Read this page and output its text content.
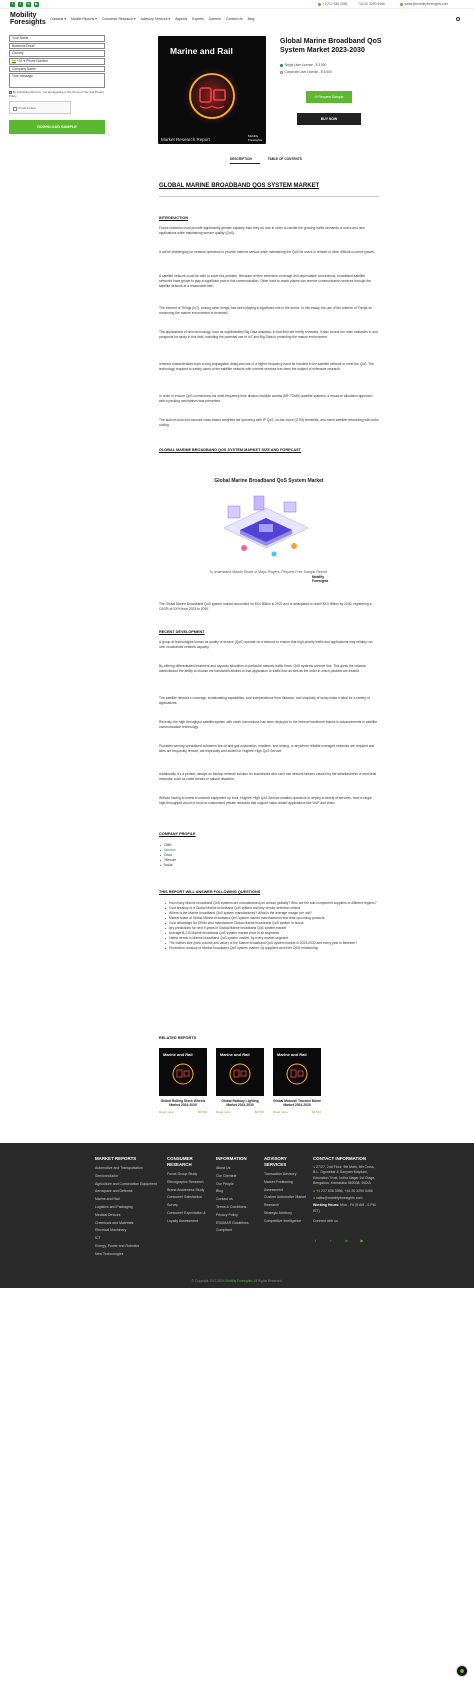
f	t	in	▶	+1 217 636 3356	+44 20 3290 6466	sales@mobilityforesights.com
Mobility
Foresights Contacts ▾ Market Reports ▾ Consumer Research ▾ Advisory Services ▾ Aspects Experts Careers Contact Us Blog
Your Name
Business Email
Country
+91 ▾ Phone Number
Company Name
Your message
By submitting this form, you are agreeing to the Terms of Use and Privacy Policy.
I'm not a robot
DOWNLOAD SAMPLE
Marine and Rail
Market Research Report
Mobility
Foresights
Global Marine Broadband QoS System Market 2023-2030
Single User License - $ 3,500
Corporate User License - $ 6,500
✉ Request Sample
BUY NOW
DESCRIPTION	TABLE OF CONTENTS
GLOBAL MARINE BROADBAND QOS SYSTEM MARKET
INTRODUCTION
Future networks must provide significantly greater capacity than they do now in order to handle the growing traffic demands of users and new applications while maintaining service quality (QoS).
It will be challenging for network operators to provide Internet service while maintaining the QoS for users in remote or other difficult-to-serve places.
A satellite network could be able to solve this problem. Because of their extensive coverage and dependable connections, broadband satellite networks have grown to play a significant part in this communication. Other hard-to-reach places can receive communication services through the satellite network at a reasonable rate.
The Internet of Things (IoT), among other things, has been playing a significant role in the sector. In this essay, the use of the Internet of Things for monitoring the marine environment is reviewed.
The applications of new technology, such as sophisticated Big Data analytics, in that field are briefly reviewed. It also covers the main obstacles in and prospects for study in this field, including the potential use of IoT and Big Data in protecting the marine environment.
Inherent characteristics such a long propagation delay and use of a higher frequency band be handled in the satellite network to meet the QoS. The technology required to satisfy users of the satellite network with Internet services has been the subject of extensive research.
In order to ensure QoS connections via multi-frequency time division multiple access (MF-TDMA) satellite systems, a resource allocation approach with a packing mechanism was presented.
The authors took into account class-based weighted fair queueing with IP QoS, on-the-move (OTM) terminals, and mesh satellite networking with turbo coding.
GLOBAL MARINE BROADBAND QOS SYSTEM MARKET SIZE AND FORECAST
Global Marine Broadband QoS System Market
To understand Market Share of Major Players, Request Free Sample Report
Mobility
Foresights
The Global Marine Broadband QoS system market accounted for $XX Billion in 2022 and is anticipated to reach $XX Billion by 2030, registering a CAGR of XX% from 2023 to 2030.
RECENT DEVELOPMENT
A group of technologies known as quality of service (QoS) operate on a network to ensure that high-priority traffic and applications may reliably run over constrained network capacity.
By offering differentiated treatment and capacity allocation to particular network traffic flows, QoS systems achieve this. This gives the network administrator the ability to choose the bandwidth allotted to that application or traffic flow as well as the order in which packets are treated.
The satellite network's coverage, broadcasting capabilities, cost independence from distance, and simplicity of setup make it ideal for a variety of applications.
Recently, the high throughput satellite system with mesh connections has been deployed to the Internet backbone thanks to advancements in satellite communication technology.
Providers serving specialised industries like oil and gas exploration, maritime, and mining, or anywhere reliable managed networks are required and sites are frequently remote, are especially well-suited for Hughes' High QoS Service.
Additionally, it's a perfect, always-on backup network solution for businesses who can't risk network failures caused by the steadfastness of terrestrial networks, such as cable breaks or natural disasters.
Without having to invest in network equipment up front, Hughes' High QoS Service enables operators to deploy a variety of services, from a single high-throughput circuit or trunk to customised private networks that support value-added applications like VoIP and video.
COMPANY PROFILE
OMIL
Hondoo
Cisco
Telecom
Nokia
THIS REPORT WILL ANSWER FOLLOWING QUESTIONS
How many Marine broadband QoS systems are manufactured per annum globally? Who are the sub-component suppliers in different regions?
Cost breakup of a Global Marine broadband QoS system and key vendor selection criteria
Where is the Marine broadband QoS system manufactured? What is the average margin per unit?
Market share of Global Marine broadband QoS system market manufacturers and their upcoming products
Cost advantage for OEMs who manufacture Global Marine broadband QoS system in-house
key predictions for next 5 years in Global Marine broadband QoS system market
Average B-2-B Marine broadband QoS system market price in all segments
Latest trends in Marine broadband QoS system market, by every market segment
The market size (both volume and value) of the Marine broadband QoS system market in 2023-2030 and every year in between?
Production breakup of Marine broadband QoS system market, by suppliers and their OEM relationship
RELATED REPORTS
Marine and Rail
Global Rolling Stock Wheels Market 2024-2030
Read more	$3,500
Marine and Rail
Global Railway Lighting Market 2024-2030
Read more	$3,500
Marine and Rail
Global Motorail Traction Motor Market 2024-2030
Read more	$3,500
MARKET REPORTS
Automotive and Transportation
Semiconductor
Agriculture and Construction Equipment
Aerospace and Defense
Marine and Rail
Logistics and Packaging
Medical Devices
Chemicals and Materials
Electrical Machinery
ICT
Energy, Power and Robotics
New Technologies
CONSUMER RESEARCH
Focus Group Study
Ethnographic Research
Brand Awareness Study
Consumer Satisfaction Survey
Consumer Expectation & Loyalty Assessment
INFORMATION
About Us
Our Clientele
Our People
Blog
Contact us
Terms & Conditions
Privacy Policy
ESOMAR Guidelines Compliant
ADVISORY SERVICES
Transaction Advisory
Market Positioning Assessment
Custom Automotive Market Research
Strategic Advisory
Competitive Intelligence
CONTACT INFORMATION
● 27/27, 2nd Floor, 9th Main, 6th Cross, B.L. Ogonekar & Sanyam Maydani, Education Trust, Indira Nagar 1st Stage, Bengaluru, Karnataka 560038, INDIA
● +1 217 636 3356, +44 20 3290 6466
● sales@mobilityforesights.com
Working Hours: Mon - Fri (9 AM - 6 PM IST)
Connect with us
f	t	in	▶
© Copyright 2017-2024 Mobility Foresights. All Rights Reserved.
